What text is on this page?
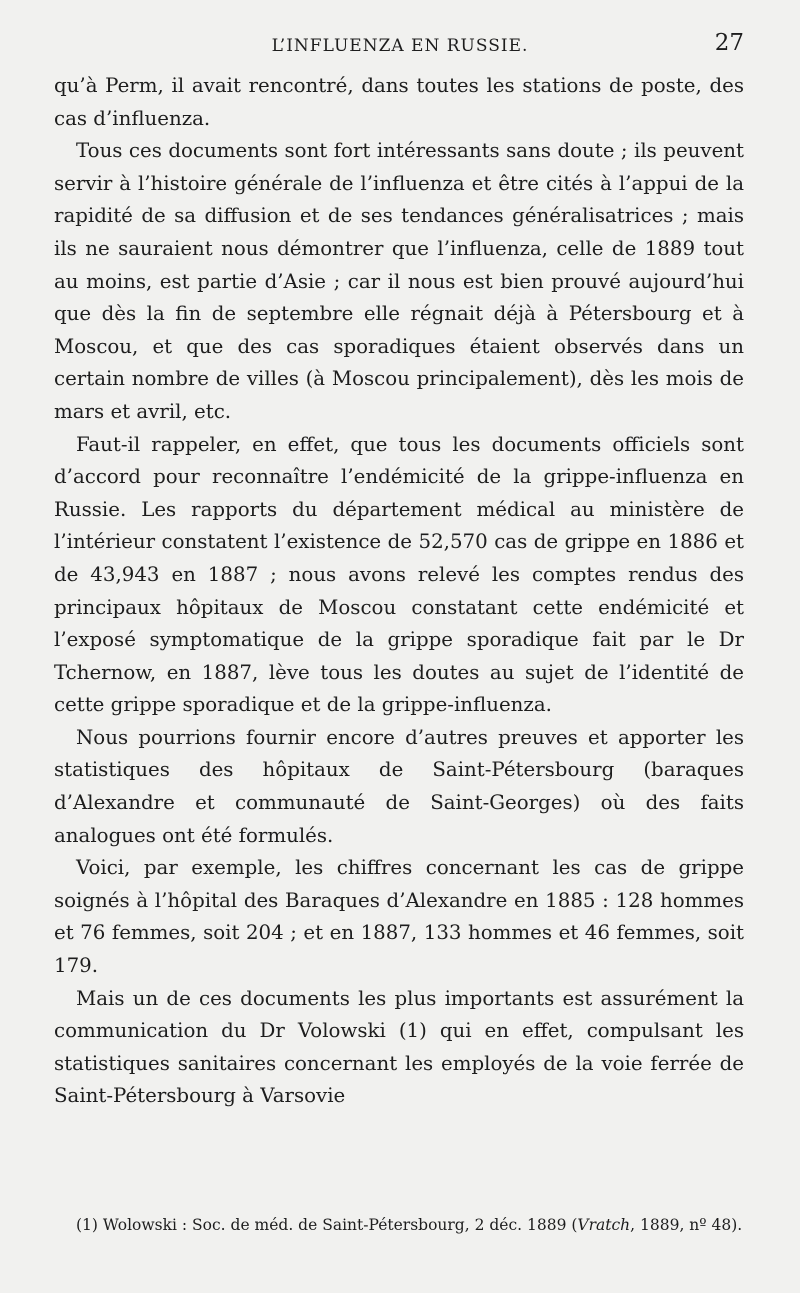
L’INFLUENZA EN RUSSIE.	27

qu’à Perm, il avait rencontré, dans toutes les stations de poste, des cas d’influenza.

Tous ces documents sont fort intéressants sans doute ; ils peuvent servir à l’histoire générale de l’influenza et être cités à l’appui de la rapidité de sa diffusion et de ses tendances généralisatrices ; mais ils ne sauraient nous démontrer que l’influenza, celle de 1889 tout au moins, est partie d’Asie ; car il nous est bien prouvé aujourd’hui que dès la fin de septembre elle régnait déjà à Pétersbourg et à Moscou, et que des cas sporadiques étaient observés dans un certain nombre de villes (à Moscou principalement), dès les mois de mars et avril, etc.

Faut-il rappeler, en effet, que tous les documents officiels sont d’accord pour reconnaître l’endémicité de la grippe-influenza en Russie. Les rapports du département médical au ministère de l’intérieur constatent l’existence de 52,570 cas de grippe en 1886 et de 43,943 en 1887 ; nous avons relevé les comptes rendus des principaux hôpitaux de Moscou constatant cette endémicité et l’exposé symptomatique de la grippe sporadique fait par le Dr Tchernow, en 1887, lève tous les doutes au sujet de l’identité de cette grippe sporadique et de la grippe-influenza.

Nous pourrions fournir encore d’autres preuves et apporter les statistiques des hôpitaux de Saint-Pétersbourg (baraques d’Alexandre et communauté de Saint-Georges) où des faits analogues ont été formulés.

Voici, par exemple, les chiffres concernant les cas de grippe soignés à l’hôpital des Baraques d’Alexandre en 1885 : 128 hommes et 76 femmes, soit 204 ; et en 1887, 133 hommes et 46 femmes, soit 179.

Mais un de ces documents les plus importants est assurément la communication du Dr Volowski (1) qui en effet, compulsant les statistiques sanitaires concernant les employés de la voie ferrée de Saint-Pétersbourg à Varsovie

(1) Wolowski : Soc. de méd. de Saint-Pétersbourg, 2 déc. 1889 (Vratch, 1889, nº 48).
